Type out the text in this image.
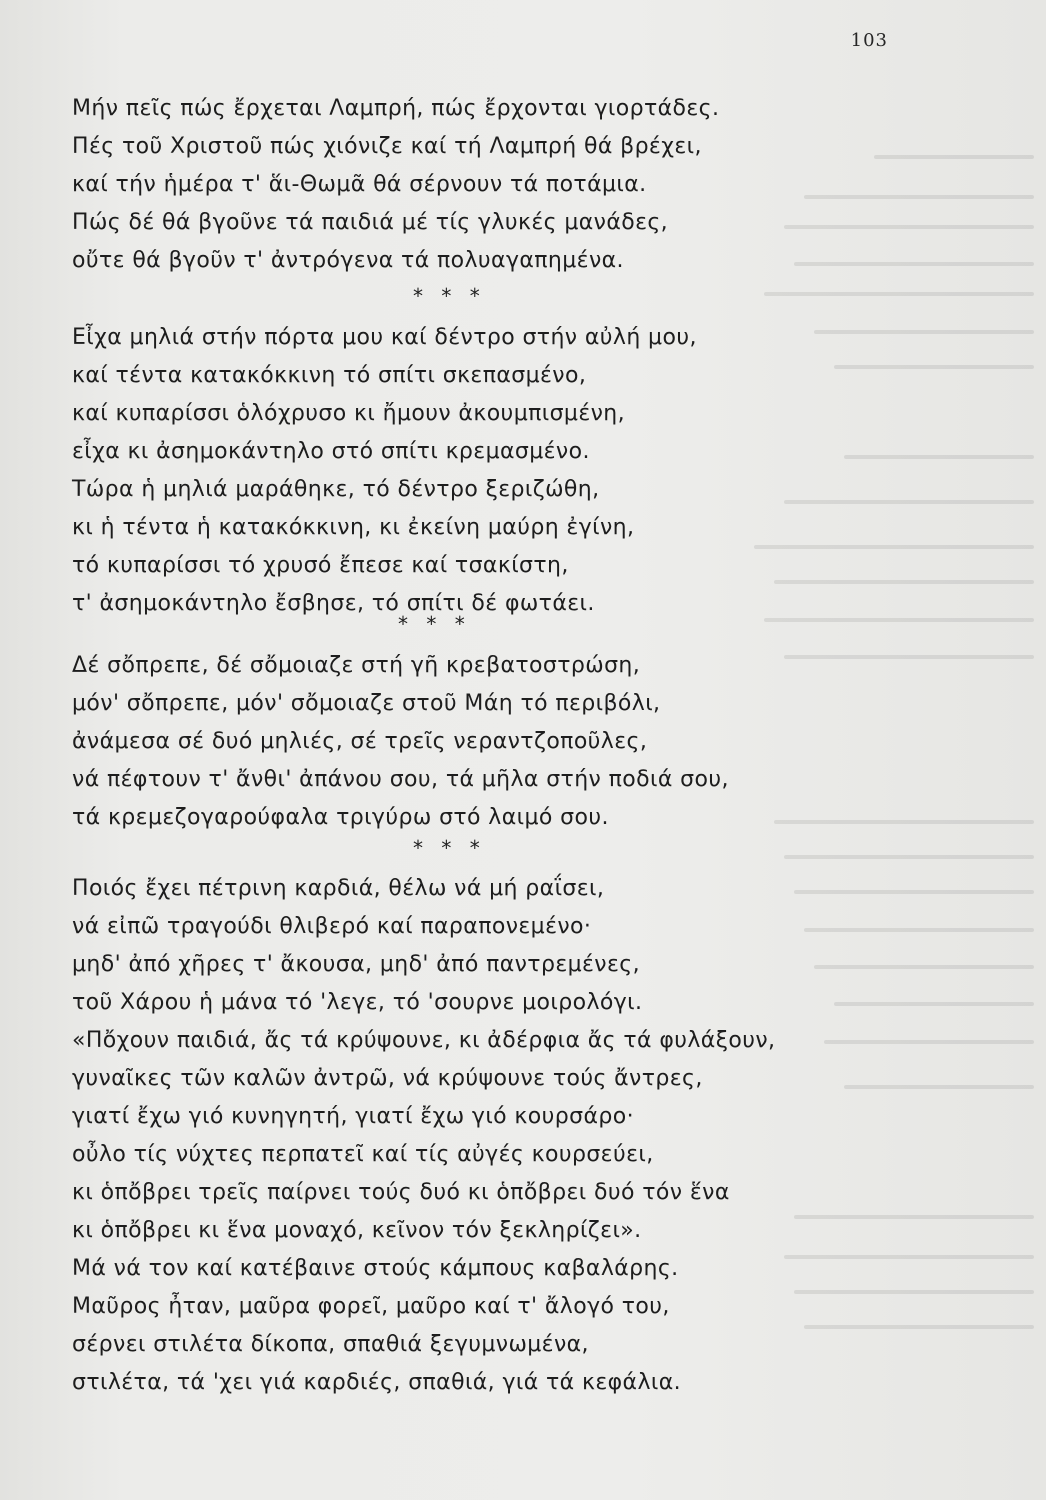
103
Μήν πεῖς πώς ἔρχεται Λαμπρή, πώς ἔρχονται γιορτάδες.
Πές τοῦ Χριστοῦ πώς χιόνιζε καί τή Λαμπρή θά βρέχει,
καί τήν ἡμέρα τ' ἅι-Θωμᾶ θά σέρνουν τά ποτάμια.
Πώς δέ θά βγοῦνε τά παιδιά μέ τίς γλυκές μανάδες,
οὔτε θά βγοῦν τ' ἀντρόγενα τά πολυαγαπημένα.
* * *
Εἶχα μηλιά στήν πόρτα μου καί δέντρο στήν αὐλή μου,
καί τέντα κατακόκκινη τό σπίτι σκεπασμένο,
καί κυπαρίσσι ὁλόχρυσο κι ἤμουν ἀκουμπισμένη,
εἶχα κι ἀσημοκάντηλο στό σπίτι κρεμασμένο.
Τώρα ἡ μηλιά μαράθηκε, τό δέντρο ξεριζώθη,
κι ἡ τέντα ἡ κατακόκκινη, κι ἐκείνη μαύρη ἐγίνη,
τό κυπαρίσσι τό χρυσό ἔπεσε καί τσακίστη,
τ' ἀσημοκάντηλο ἔσβησε, τό σπίτι δέ φωτάει.
* * *
Δέ σὄπρεπε, δέ σὄμοιαζε στή γῆ κρεβατοστρώση,
μόν' σὄπρεπε, μόν' σὄμοιαζε στοῦ Μάη τό περιβόλι,
ἀνάμεσα σέ δυό μηλιές, σέ τρεῖς νεραντζοποῦλες,
νά πέφτουν τ' ἄνθι' ἀπάνου σου, τά μῆλα στήν ποδιά σου,
τά κρεμεζογαρούφαλα τριγύρω στό λαιμό σου.
* * *
Ποιός ἔχει πέτρινη καρδιά, θέλω νά μή ραΐσει,
νά εἰπῶ τραγούδι θλιβερό καί παραπονεμένο·
μηδ' ἀπό χῆρες τ' ἄκουσα, μηδ' ἀπό παντρεμένες,
τοῦ Χάρου ἡ μάνα τό 'λεγε, τό 'σουρνε μοιρολόγι.
«Πὄχουν παιδιά, ἄς τά κρύψουνε, κι ἀδέρφια ἄς τά φυλάξουν,
γυναῖκες τῶν καλῶν ἀντρῶ, νά κρύψουνε τούς ἄντρες,
γιατί ἔχω γιό κυνηγητή, γιατί ἔχω γιό κουρσάρο·
οὖλο τίς νύχτες περπατεῖ καί τίς αὐγές κουρσεύει,
κι ὁπὄβρει τρεῖς παίρνει τούς δυό κι ὁπὄβρει δυό τόν ἕνα
κι ὁπὄβρει κι ἕνα μοναχό, κεῖνον τόν ξεκληρίζει».
Μά νά τον καί κατέβαινε στούς κάμπους καβαλάρης.
Μαῦρος ἦταν, μαῦρα φορεῖ, μαῦρο καί τ' ἄλογό του,
σέρνει στιλέτα δίκοπα, σπαθιά ξεγυμνωμένα,
στιλέτα, τά 'χει γιά καρδιές, σπαθιά, γιά τά κεφάλια.
